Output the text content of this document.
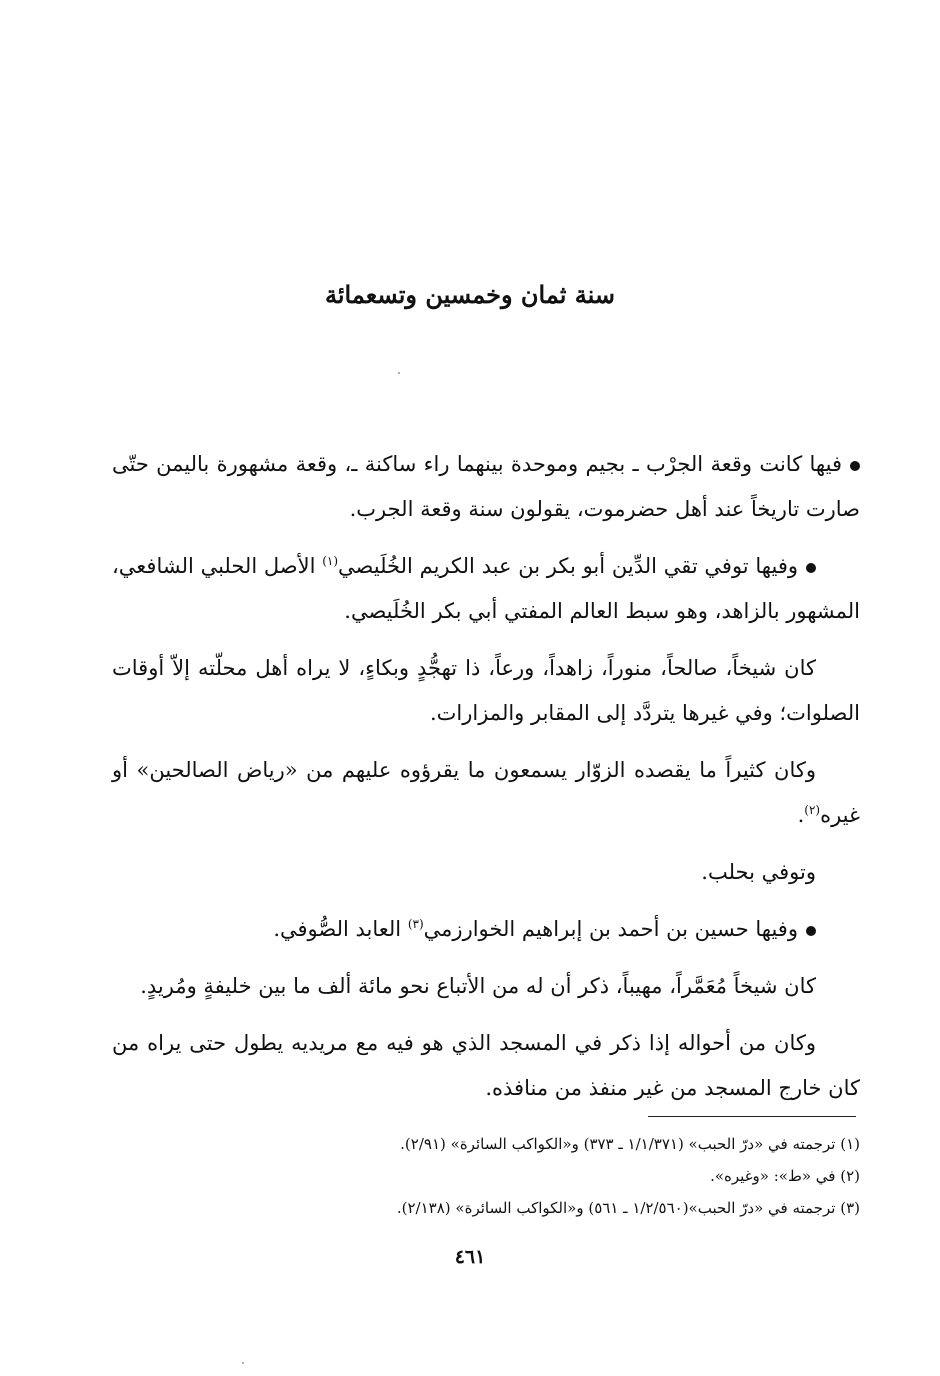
سنة ثمان وخمسين وتسعمائة

فيها كانت وقعة الجرْب ـ بجيم وموحدة بينهما راء ساكنة ـ، وقعة مشهورة باليمن حتّى صارت تاريخاً عند أهل حضرموت، يقولون سنة وقعة الجرب.

وفيها توفي تقي الدِّين أبو بكر بن عبد الكريم الخُلَيصي$^{(١)}$ الأصل الحلبي الشافعي، المشهور بالزاهد، وهو سبط العالم المفتي أبي بكر الخُلَيصي.

كان شيخاً، صالحاً، منوراً، زاهداً، ورعاً، ذا تهجُّدٍ وبكاءٍ، لا يراه أهل محلّته إلاّ أوقات الصلوات؛ وفي غيرها يتردَّد إلى المقابر والمزارات.

وكان كثيراً ما يقصده الزوّار يسمعون ما يقرؤوه عليهم من «رياض الصالحين» أو غيره$^{(٢)}$.

وتوفي بحلب.

وفيها حسين بن أحمد بن إبراهيم الخوارزمي$^{(٣)}$ العابد الصُّوفي.

كان شيخاً مُعَمَّراً، مهيباً، ذكر أن له من الأتباع نحو مائة ألف ما بين خليفةٍ ومُريدٍ.

وكان من أحواله إذا ذكر في المسجد الذي هو فيه مع مريديه يطول حتى يراه من كان خارج المسجد من غير منفذ من منافذه.

(١) ترجمته في «درّ الحبب» (١/١/٣٧١ ـ ٣٧٣) و«الكواكب السائرة» (٢/٩١).
(٢) في «ط»: «وغيره».
(٣) ترجمته في «درّ الحبب»(١/٢/٥٦٠ ـ ٥٦١) و«الكواكب السائرة» (٢/١٣٨).
٤٦١
